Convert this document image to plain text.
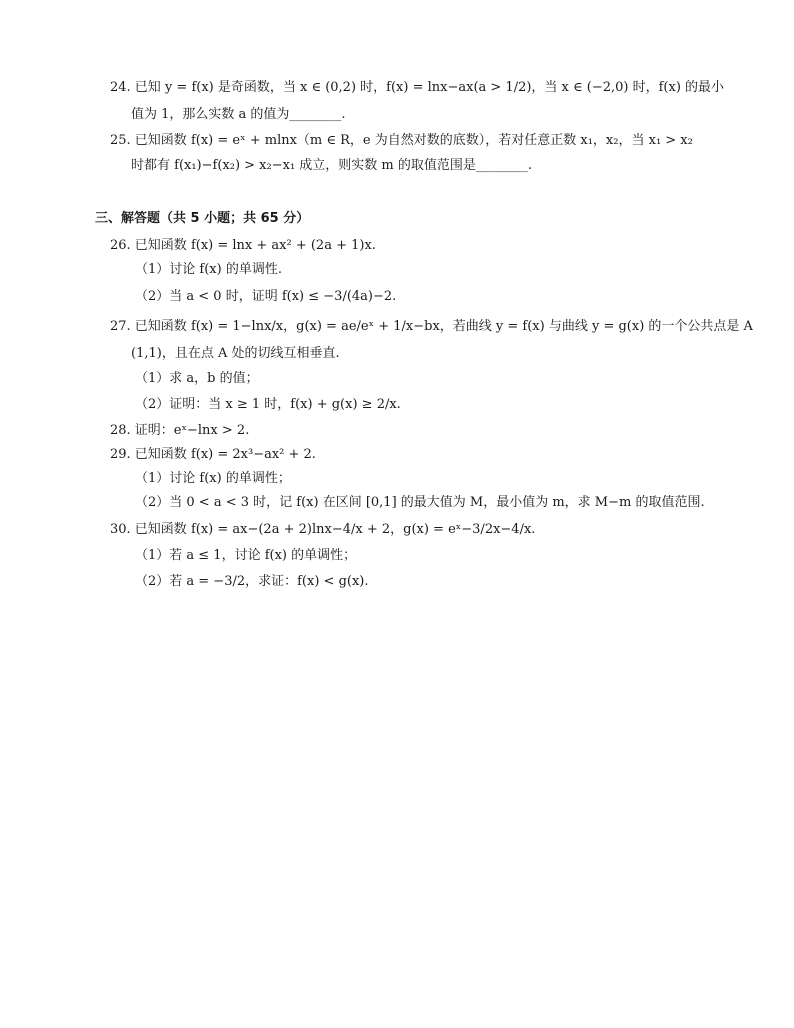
24. 已知 y = f(x) 是奇函数，当 x ∈ (0,2) 时，f(x) = lnx−ax(a > 1/2)，当 x ∈ (−2,0) 时，f(x) 的最小
值为 1，那么实数 a 的值为________.
25. 已知函数 f(x) = eˣ + mlnx（m ∈ R，e 为自然对数的底数），若对任意正数 x₁，x₂，当 x₁ > x₂
时都有 f(x₁)−f(x₂) > x₂−x₁ 成立，则实数 m 的取值范围是________.
三、解答题（共 5 小题；共 65 分）
26. 已知函数 f(x) = lnx + ax² + (2a + 1)x.
（1）讨论 f(x) 的单调性.
（2）当 a < 0 时，证明 f(x) ≤ −3/(4a)−2.
27. 已知函数 f(x) = 1−lnx/x，g(x) = ae/eˣ + 1/x−bx，若曲线 y = f(x) 与曲线 y = g(x) 的一个公共点是 A
(1,1)，且在点 A 处的切线互相垂直.
（1）求 a，b 的值；
（2）证明：当 x ≥ 1 时，f(x) + g(x) ≥ 2/x.
28. 证明：eˣ−lnx > 2.
29. 已知函数 f(x) = 2x³−ax² + 2.
（1）讨论 f(x) 的单调性；
（2）当 0 < a < 3 时，记 f(x) 在区间 [0,1] 的最大值为 M，最小值为 m，求 M−m 的取值范围.
30. 已知函数 f(x) = ax−(2a + 2)lnx−4/x + 2，g(x) = eˣ−3/2x−4/x.
（1）若 a ≤ 1，讨论 f(x) 的单调性；
（2）若 a = −3/2，求证：f(x) < g(x).
